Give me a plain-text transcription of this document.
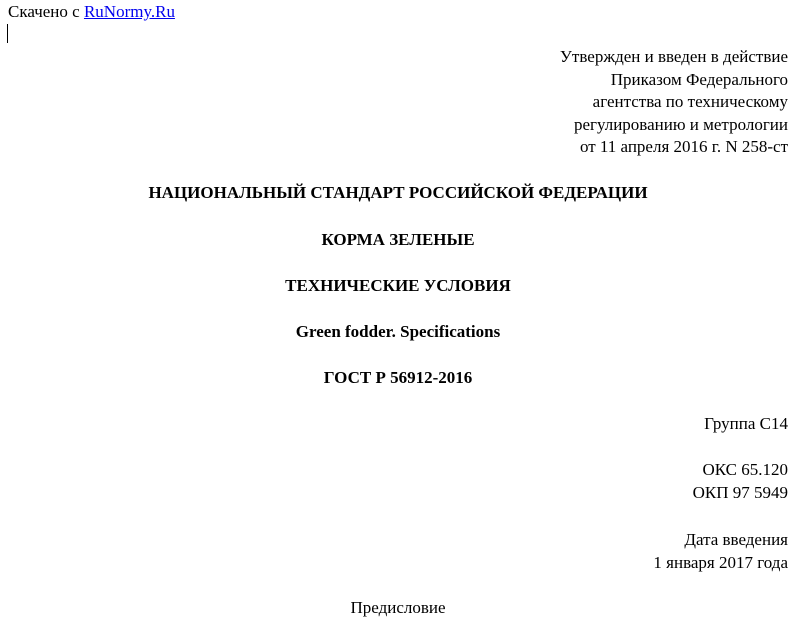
Скачено с RuNormy.Ru
Утвержден и введен в действие
Приказом Федерального
агентства по техническому
регулированию и метрологии
от 11 апреля 2016 г. N 258-ст
НАЦИОНАЛЬНЫЙ СТАНДАРТ РОССИЙСКОЙ ФЕДЕРАЦИИ
КОРМА ЗЕЛЕНЫЕ
ТЕХНИЧЕСКИЕ УСЛОВИЯ
Green fodder. Specifications
ГОСТ Р 56912-2016
Группа С14
ОКС 65.120
ОКП 97 5949
Дата введения
1 января 2017 года
Предисловие
